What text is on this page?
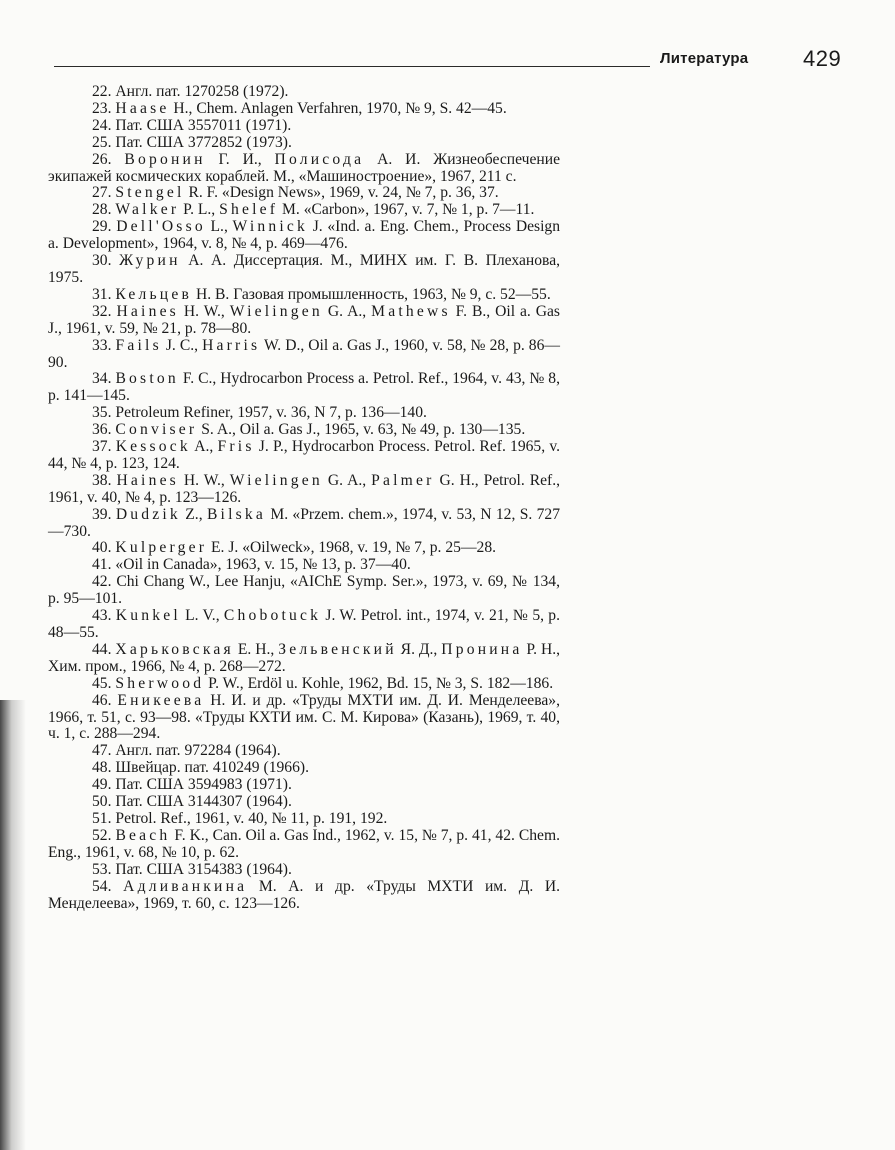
Литература 429

22. Англ. пат. 1270258 (1972).

23. Haase H., Chem. Anlagen Verfahren, 1970, № 9, S. 42—45.

24. Пат. США 3557011 (1971).

25. Пат. США 3772852 (1973).

26. Воронин Г. И., Полисода А. И. Жизнеобеспечение экипажей космических кораблей. М., «Машиностроение», 1967, 211 с.

27. Stengel R. F. «Design News», 1969, v. 24, № 7, p. 36, 37.

28. Walker P. L., Shelef M. «Carbon», 1967, v. 7, № 1, p. 7—11.

29. Dell'Osso L., Winnick J. «Ind. a. Eng. Chem., Process Design a. Development», 1964, v. 8, № 4, p. 469—476.

30. Журин А. А. Диссертация. М., МИНХ им. Г. В. Плеханова, 1975.

31. Кельцев Н. В. Газовая промышленность, 1963, № 9, с. 52—55.

32. Haines H. W., Wielingen G. A., Mathews F. B., Oil a. Gas J., 1961, v. 59, № 21, p. 78—80.

33. Fails J. C., Harris W. D., Oil a. Gas J., 1960, v. 58, № 28, p. 86—90.

34. Boston F. C., Hydrocarbon Process a. Petrol. Ref., 1964, v. 43, № 8, p. 141—145.

35. Petroleum Refiner, 1957, v. 36, N 7, p. 136—140.

36. Conviser S. A., Oil a. Gas J., 1965, v. 63, № 49, p. 130—135.

37. Kessock A., Fris J. P., Hydrocarbon Process. Petrol. Ref. 1965, v. 44, № 4, p. 123, 124.

38. Haines H. W., Wielingen G. A., Palmer G. H., Petrol. Ref., 1961, v. 40, № 4, p. 123—126.

39. Dudzik Z., Bilska M. «Przem. chem.», 1974, v. 53, N 12, S. 727—730.

40. Kulperger E. J. «Oilweck», 1968, v. 19, № 7, p. 25—28.

41. «Oil in Canada», 1963, v. 15, № 13, p. 37—40.

42. Chi Chang W., Lee Hanju, «AIChE Symp. Ser.», 1973, v. 69, № 134, p. 95—101.

43. Kunkel L. V., Chobotuck J. W. Petrol. int., 1974, v. 21, № 5, p. 48—55.

44. Харьковская Е. Н., Зельвенский Я. Д., Пронина Р. Н., Хим. пром., 1966, № 4, р. 268—272.

45. Sherwood P. W., Erdöl u. Kohle, 1962, Bd. 15, № 3, S. 182—186.

46. Еникеева Н. И. и др. «Труды МХТИ им. Д. И. Менделеева», 1966, т. 51, с. 93—98. «Труды КХТИ им. С. М. Кирова» (Казань), 1969, т. 40, ч. 1, с. 288—294.

47. Англ. пат. 972284 (1964).

48. Швейцар. пат. 410249 (1966).

49. Пат. США 3594983 (1971).

50. Пат. США 3144307 (1964).

51. Petrol. Ref., 1961, v. 40, № 11, p. 191, 192.

52. Beach F. K., Can. Oil a. Gas Ind., 1962, v. 15, № 7, p. 41, 42. Chem. Eng., 1961, v. 68, № 10, p. 62.

53. Пат. США 3154383 (1964).

54. Адливанкина М. А. и др. «Труды МХТИ им. Д. И. Менделеева», 1969, т. 60, с. 123—126.
